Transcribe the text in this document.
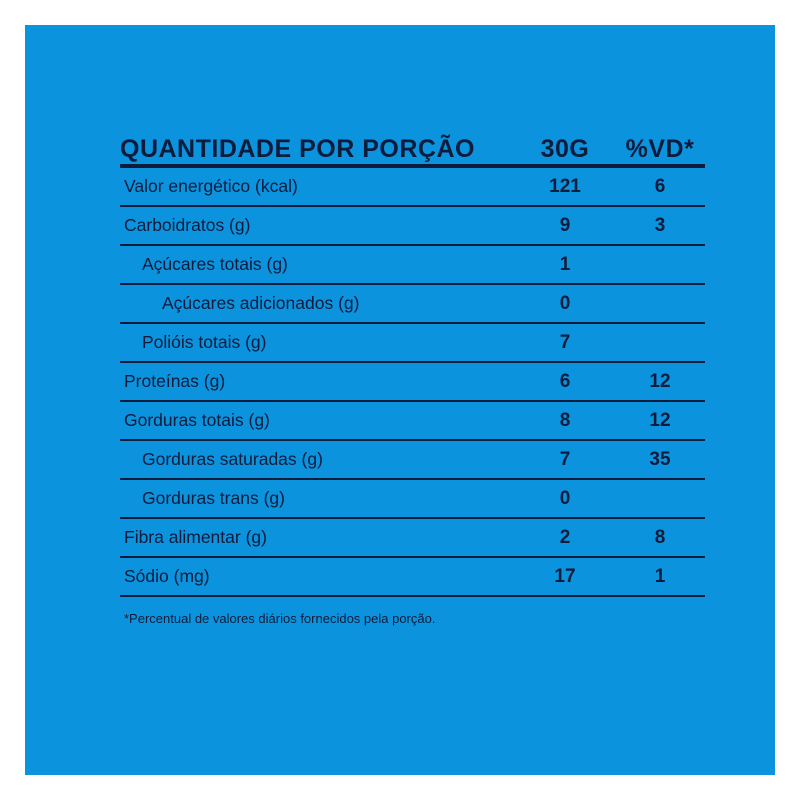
QUANTIDADE POR PORÇÃO	30G	%VD*
Valor energético (kcal)	121	6
Carboidratos (g)	9	3
Açúcares totais (g)	1	
Açúcares adicionados (g)	0	
Polióis totais (g)	7	
Proteínas (g)	6	12
Gorduras totais (g)	8	12
Gorduras saturadas (g)	7	35
Gorduras trans (g)	0	
Fibra alimentar (g)	2	8
Sódio (mg)	17	1
*Percentual de valores diários fornecidos pela porção.
